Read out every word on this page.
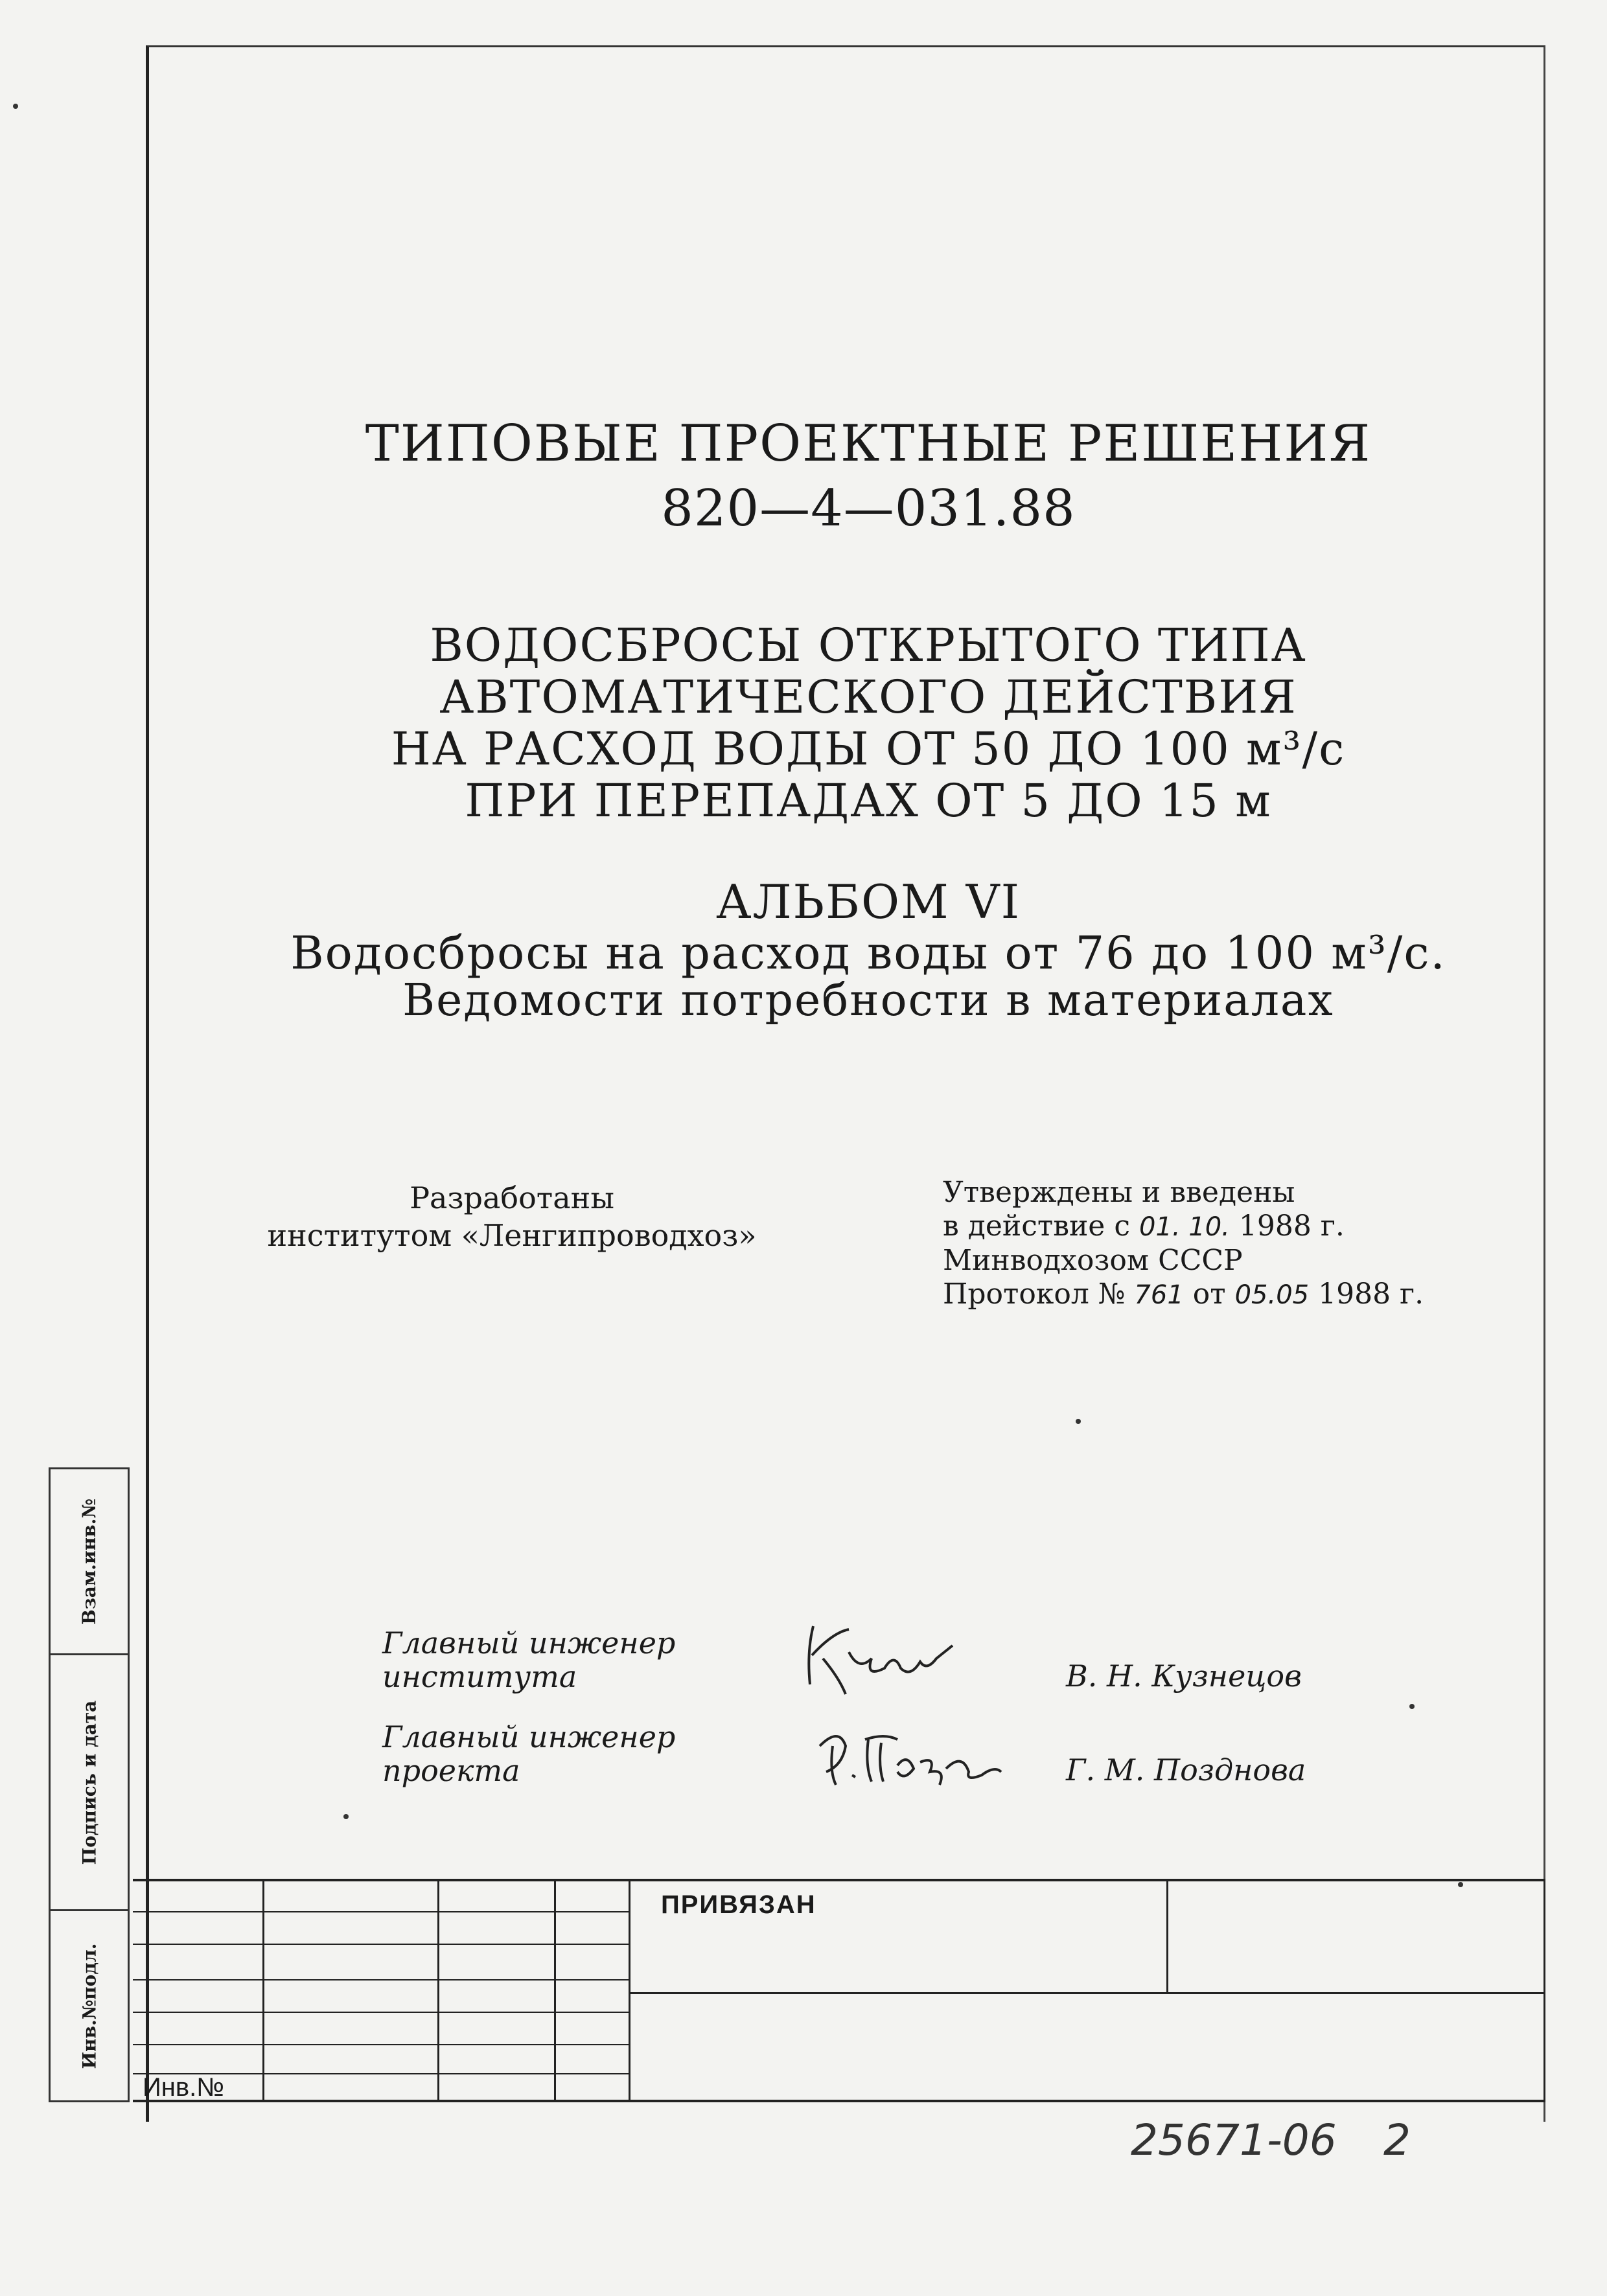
ТИПОВЫЕ ПРОЕКТНЫЕ РЕШЕНИЯ
820—4—031.88
ВОДОСБРОСЫ ОТКРЫТОГО ТИПА
АВТОМАТИЧЕСКОГО ДЕЙСТВИЯ
НА РАСХОД ВОДЫ ОТ 50 ДО 100 м³/с
ПРИ ПЕРЕПАДАХ ОТ 5 ДО 15 м
АЛЬБОМ VI
Водосбросы на расход воды от 76 до 100 м³/с.
Ведомости потребности в материалах
Разработаны
институтом «Ленгипроводхоз»
Утверждены и введены
в действие с 01. 10. 1988 г.
Минводхозом СССР
Протокол № 761 от 05.05 1988 г.
Главный инженер
института	В. Н. Кузнецов
Главный инженер
проекта	Г. М. Позднова
Взам.инв.№
Подпись и дата
Инв.№подл.
ПРИВЯЗАН
Инв.№
25671-06 2
